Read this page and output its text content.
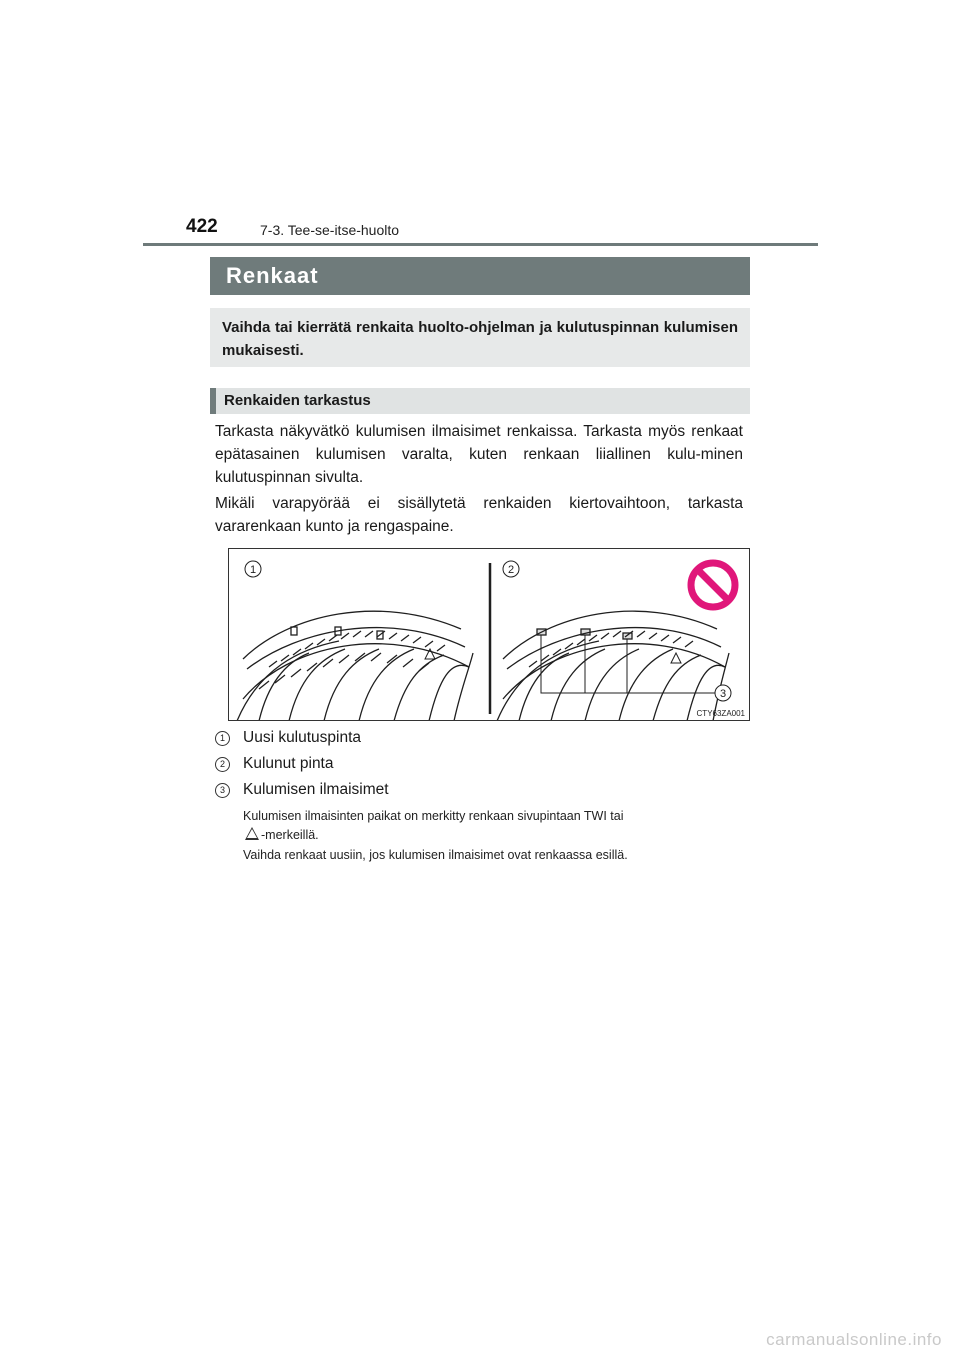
422	7-3. Tee-se-itse-huolto
Renkaat
Vaihda tai kierrätä renkaita huolto-ohjelman ja kulutuspinnan kulumisen mukaisesti.
Renkaiden tarkastus
Tarkasta näkyvätkö kulumisen ilmaisimet renkaissa. Tarkasta myös renkaat epätasainen kulumisen varalta, kuten renkaan liiallinen kulu-minen kulutuspinnan sivulta.
Mikäli varapyörää ei sisällytetä renkaiden kiertovaihtoon, tarkasta vararenkaan kunto ja rengaspaine.
1	2
3
CTY63ZA001
1	Uusi kulutuspinta
2	Kulunut pinta
3	Kulumisen ilmaisimet
Kulumisen ilmaisinten paikat on merkitty renkaan sivupintaan TWI tai
-merkeillä.
Vaihda renkaat uusiin, jos kulumisen ilmaisimet ovat renkaassa esillä.
carmanualsonline.info
